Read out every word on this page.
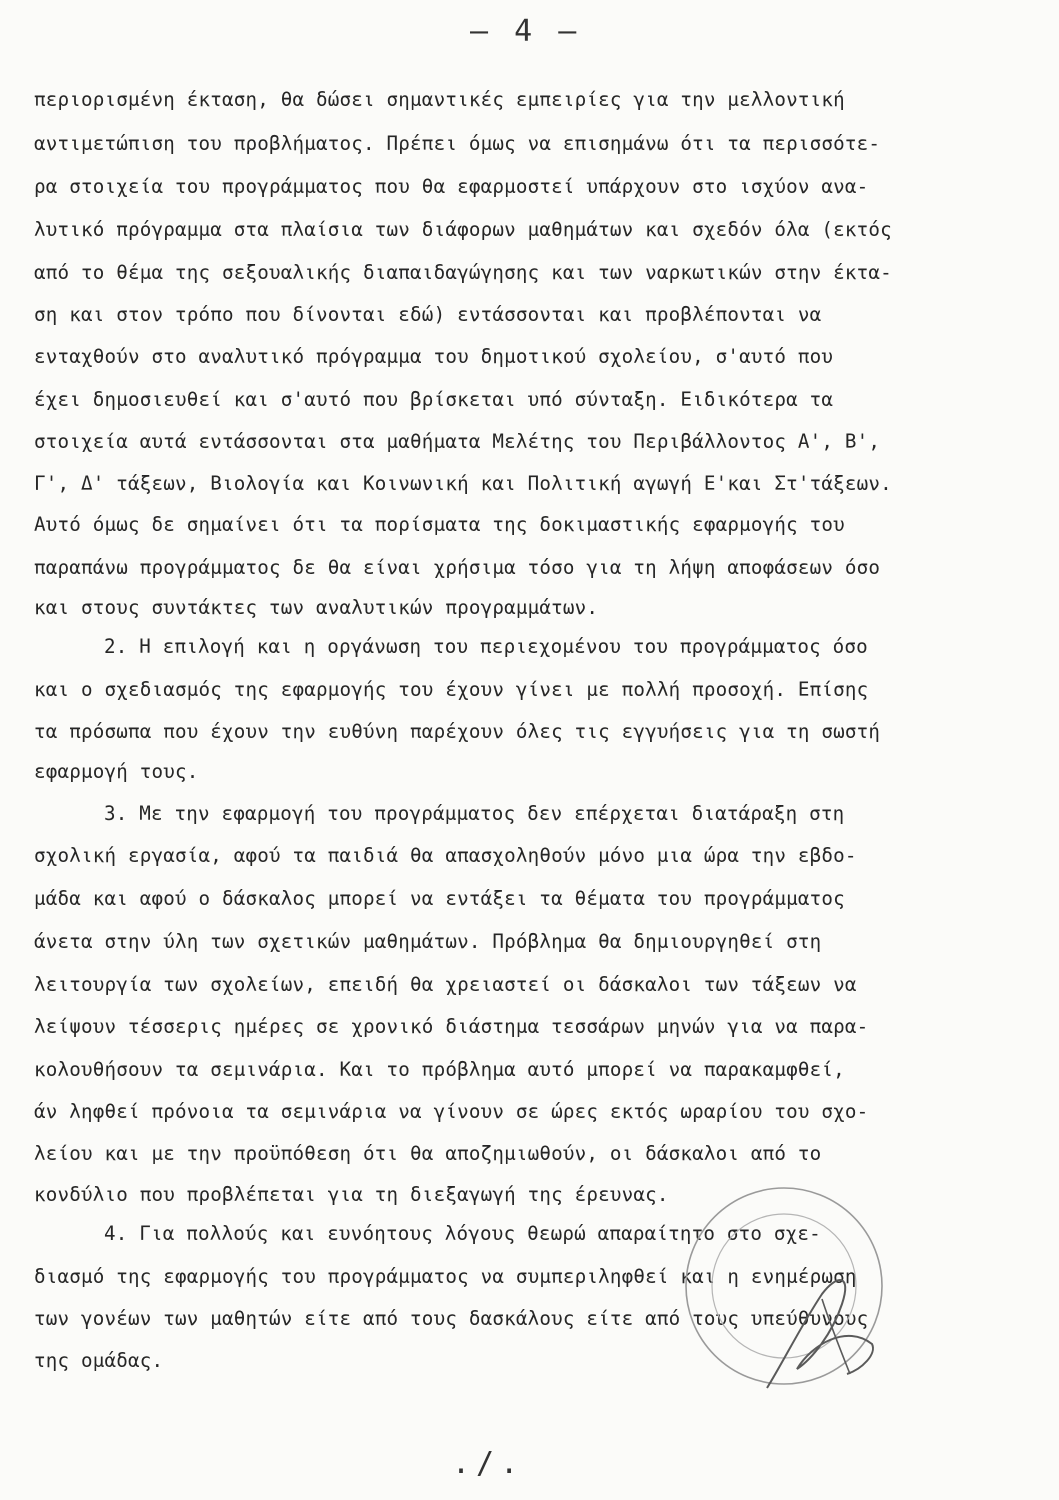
— 4 —
περιορισμένη έκταση, θα δώσει σημαντικές εμπειρίες για την μελλοντική
αντιμετώπιση του προβλήματος. Πρέπει όμως να επισημάνω ότι τα περισσότε-
ρα στοιχεία του προγράμματος που θα εφαρμοστεί υπάρχουν στο ισχύον ανα-
λυτικό πρόγραμμα στα πλαίσια των διάφορων μαθημάτων και σχεδόν όλα (εκτός
από το θέμα της σεξουαλικής διαπαιδαγώγησης και των ναρκωτικών στην έκτα-
ση και στον τρόπο που δίνονται εδώ) εντάσσονται και προβλέπονται να
ενταχθούν στο αναλυτικό πρόγραμμα του δημοτικού σχολείου, σ'αυτό που
έχει δημοσιευθεί και σ'αυτό που βρίσκεται υπό σύνταξη. Ειδικότερα τα
στοιχεία αυτά εντάσσονται στα μαθήματα Μελέτης του Περιβάλλοντος Α', Β',
Γ', Δ' τάξεων, Βιολογία και Κοινωνική και Πολιτική αγωγή Ε'και Στ'τάξεων.
Αυτό όμως δε σημαίνει ότι τα πορίσματα της δοκιμαστικής εφαρμογής του
παραπάνω προγράμματος δε θα είναι χρήσιμα τόσο για τη λήψη αποφάσεων όσο
και στους συντάκτες των αναλυτικών προγραμμάτων.
2. Η επιλογή και η οργάνωση του περιεχομένου του προγράμματος όσο
και ο σχεδιασμός της εφαρμογής του έχουν γίνει με πολλή προσοχή. Επίσης
τα πρόσωπα που έχουν την ευθύνη παρέχουν όλες τις εγγυήσεις για τη σωστή
εφαρμογή τους.
3. Με την εφαρμογή του προγράμματος δεν επέρχεται διατάραξη στη
σχολική εργασία, αφού τα παιδιά θα απασχοληθούν μόνο μια ώρα την εβδο-
μάδα και αφού ο δάσκαλος μπορεί να εντάξει τα θέματα του προγράμματος
άνετα στην ύλη των σχετικών μαθημάτων. Πρόβλημα θα δημιουργηθεί στη
λειτουργία των σχολείων, επειδή θα χρειαστεί οι δάσκαλοι των τάξεων να
λείψουν τέσσερις ημέρες σε χρονικό διάστημα τεσσάρων μηνών για να παρα-
κολουθήσουν τα σεμινάρια. Και το πρόβλημα αυτό μπορεί να παρακαμφθεί,
άν ληφθεί πρόνοια τα σεμινάρια να γίνουν σε ώρες εκτός ωραρίου του σχο-
λείου και με την προϋπόθεση ότι θα αποζημιωθούν, οι δάσκαλοι από το
κονδύλιο που προβλέπεται για τη διεξαγωγή της έρευνας.
4. Για πολλούς και ευνόητους λόγους θεωρώ απαραίτητο στο σχε-
διασμό της εφαρμογής του προγράμματος να συμπεριληφθεί και η ενημέρωση
των γονέων των μαθητών είτε από τους δασκάλους είτε από τους υπεύθυνους
της ομάδας.
./.
